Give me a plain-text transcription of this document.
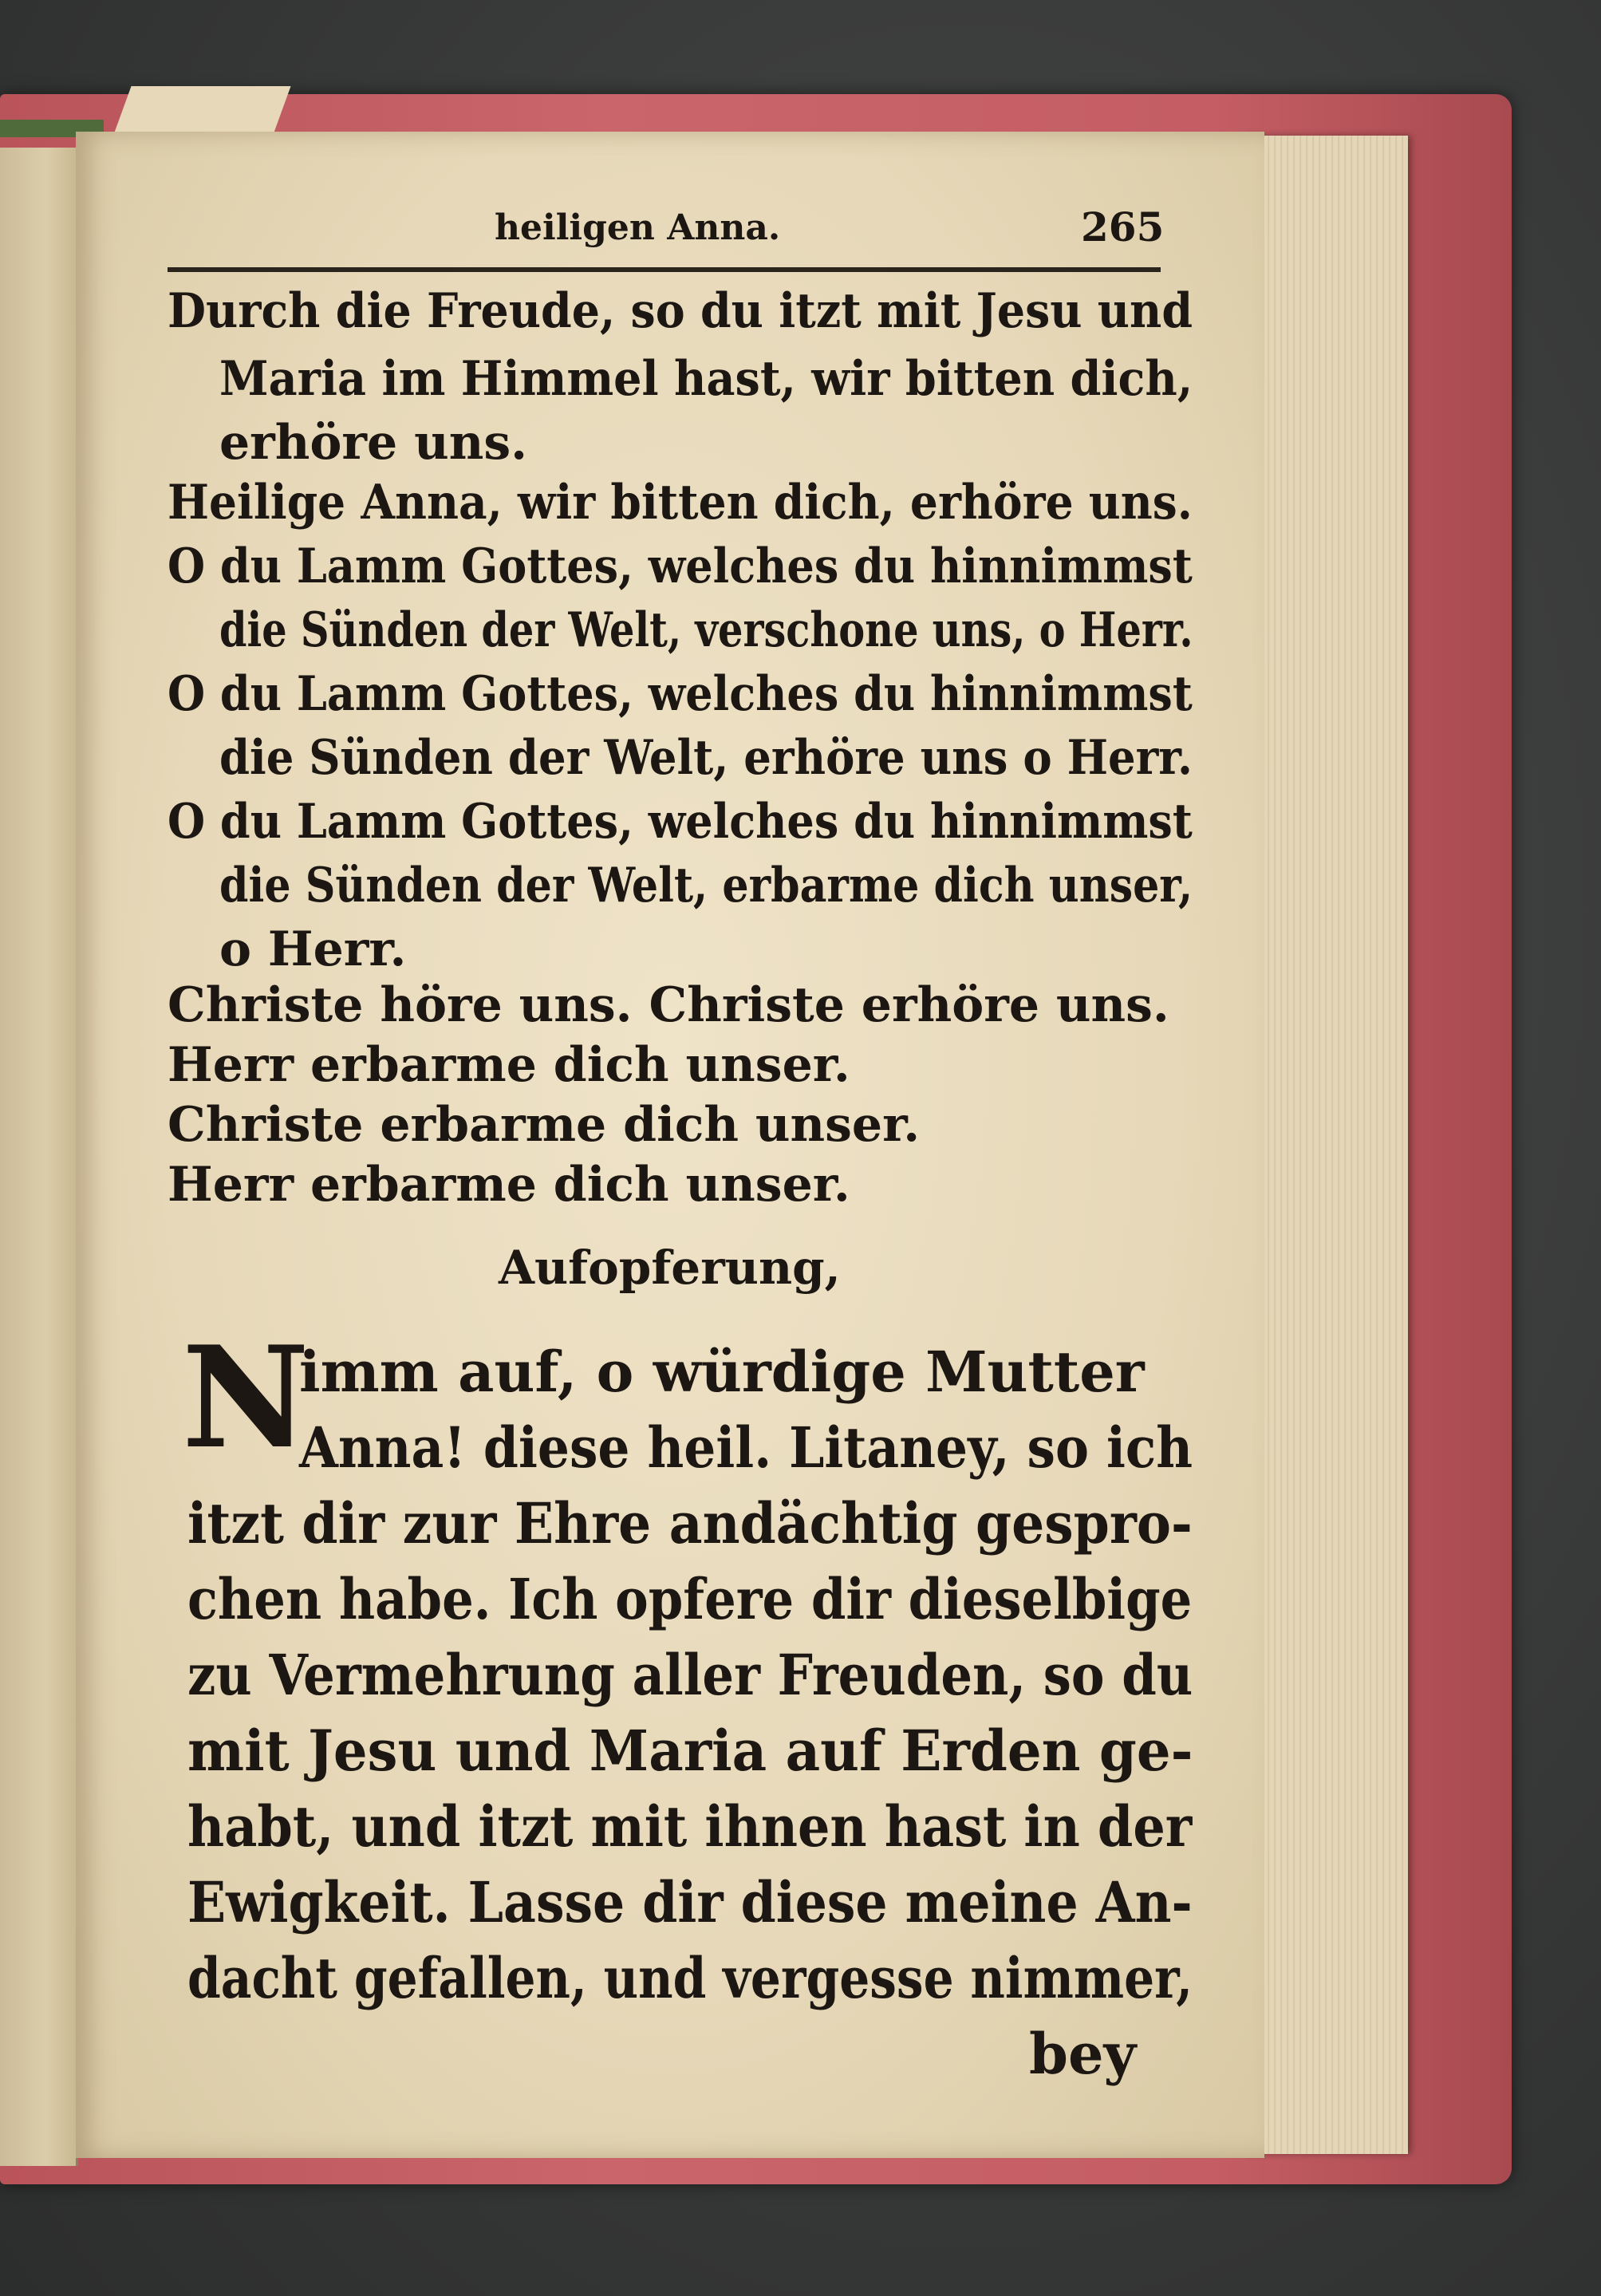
heiligen Anna.	265
Durch die Freude, so du itzt mit Jesu und
Maria im Himmel hast, wir bitten dich,
erhöre uns.
Heilige Anna, wir bitten dich, erhöre uns.
O du Lamm Gottes, welches du hinnimmst
die Sünden der Welt, verschone uns, o Herr.
O du Lamm Gottes, welches du hinnimmst
die Sünden der Welt, erhöre uns o Herr.
O du Lamm Gottes, welches du hinnimmst
die Sünden der Welt, erbarme dich unser,
o Herr.
Christe höre uns. Christe erhöre uns.
Herr erbarme dich unser.
Christe erbarme dich unser.
Herr erbarme dich unser.
Aufopferung,
N
imm auf, o würdige Mutter
Anna! diese heil. Litaney, so ich
itzt dir zur Ehre andächtig gespro-
chen habe. Ich opfere dir dieselbige
zu Vermehrung aller Freuden, so du
mit Jesu und Maria auf Erden ge-
habt, und itzt mit ihnen hast in der
Ewigkeit. Lasse dir diese meine An-
dacht gefallen, und vergesse nimmer,
bey
